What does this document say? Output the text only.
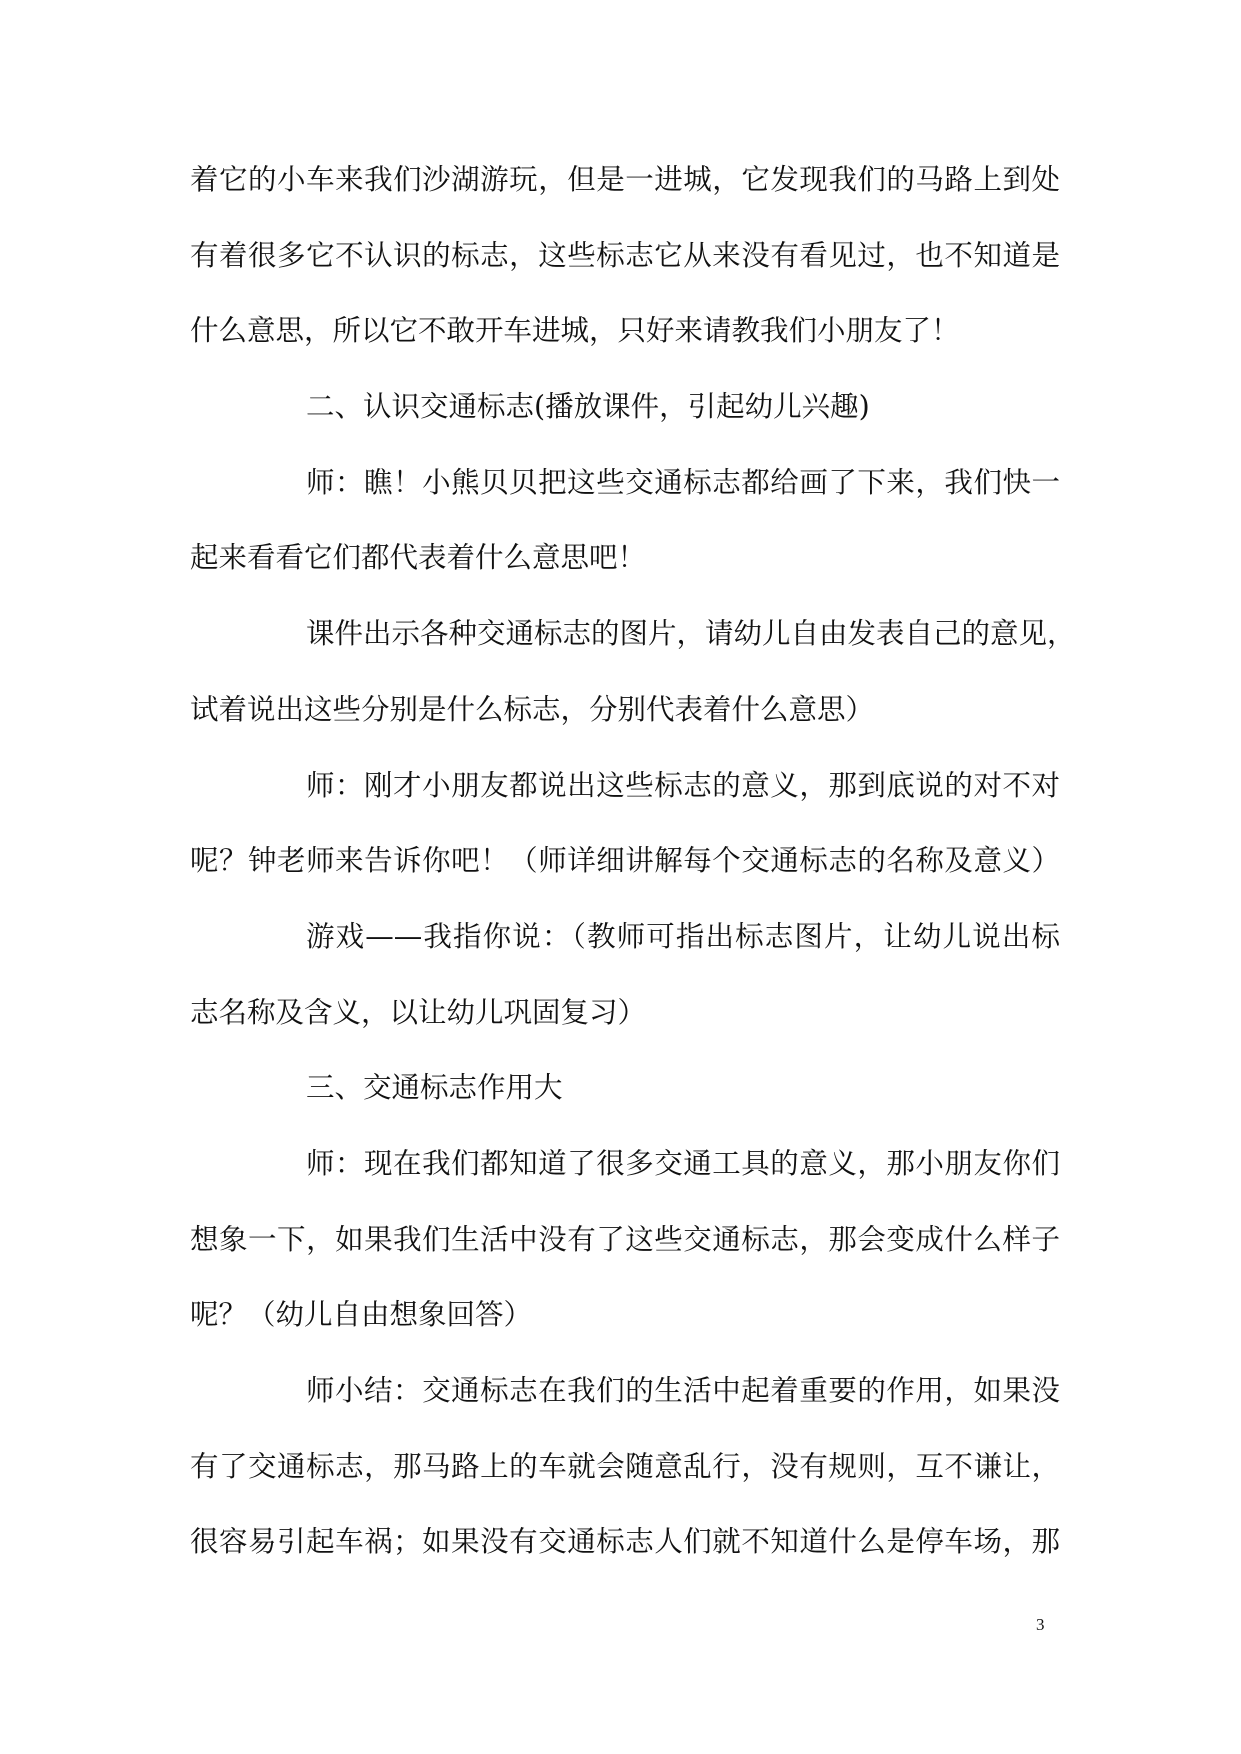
着它的小车来我们沙湖游玩，但是一进城，它发现我们的马路上到处
有着很多它不认识的标志，这些标志它从来没有看见过，也不知道是
什么意思，所以它不敢开车进城，只好来请教我们小朋友了！
二、认识交通标志(播放课件，引起幼儿兴趣)
师：瞧！小熊贝贝把这些交通标志都给画了下来，我们快一
起来看看它们都代表着什么意思吧！
课件出示各种交通标志的图片，请幼儿自由发表自己的意见，
试着说出这些分别是什么标志，分别代表着什么意思）
师：刚才小朋友都说出这些标志的意义，那到底说的对不对
呢？钟老师来告诉你吧！（师详细讲解每个交通标志的名称及意义）
游戏——我指你说：（教师可指出标志图片，让幼儿说出标
志名称及含义，以让幼儿巩固复习）
三、交通标志作用大
师：现在我们都知道了很多交通工具的意义，那小朋友你们
想象一下，如果我们生活中没有了这些交通标志，那会变成什么样子
呢？（幼儿自由想象回答）
师小结：交通标志在我们的生活中起着重要的作用，如果没
有了交通标志，那马路上的车就会随意乱行，没有规则，互不谦让，
很容易引起车祸；如果没有交通标志人们就不知道什么是停车场，那
3
